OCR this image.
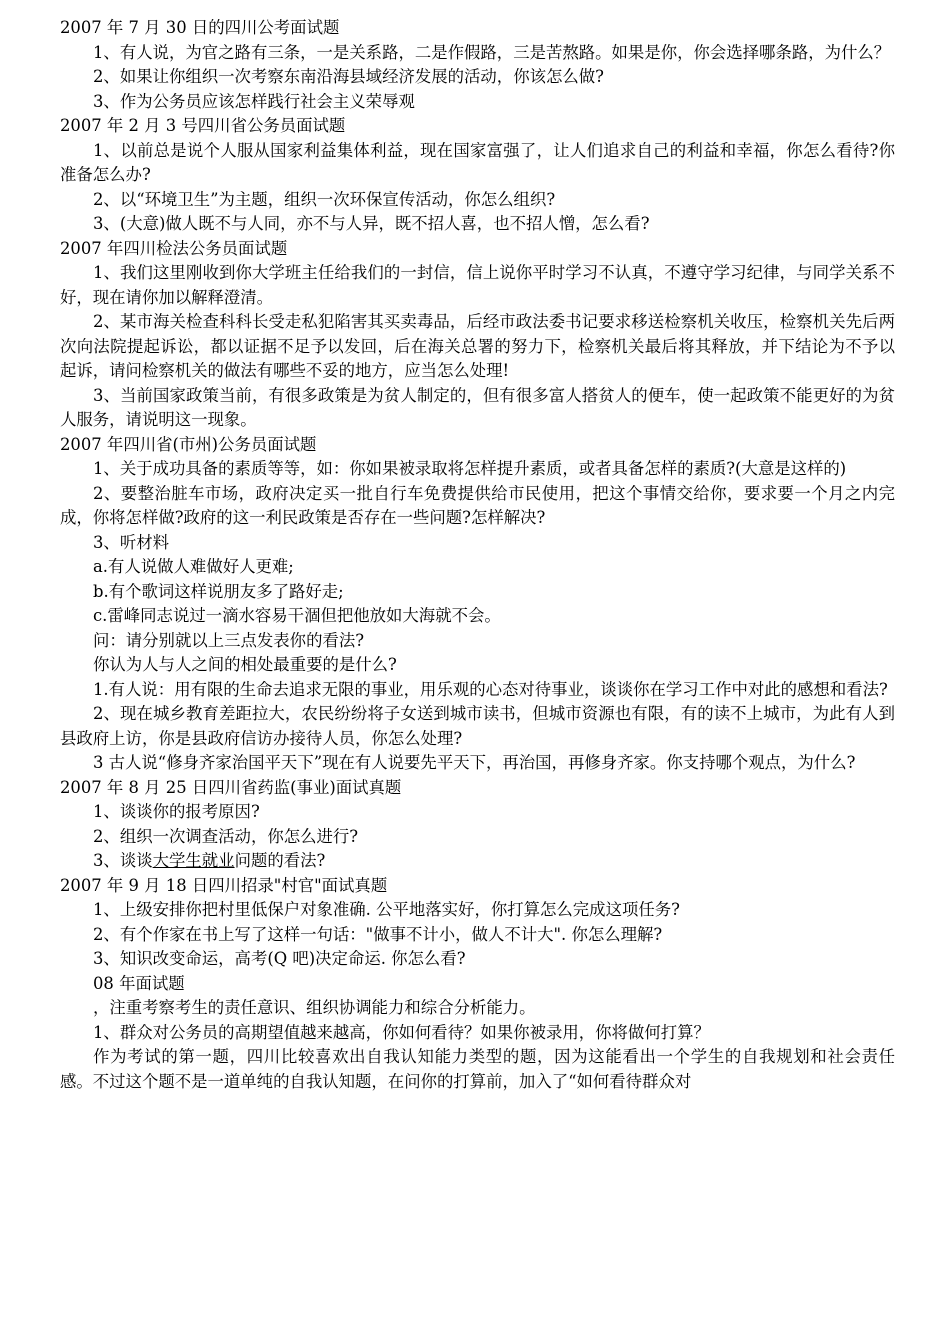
2007 年 7 月 30 日的四川公考面试题

1、有人说，为官之路有三条，一是关系路，二是作假路，三是苦熬路。如果是你，你会选择哪条路，为什么？

2、如果让你组织一次考察东南沿海县域经济发展的活动，你该怎么做?

3、作为公务员应该怎样践行社会主义荣辱观

2007 年 2 月 3 号四川省公务员面试题

1、以前总是说个人服从国家利益集体利益，现在国家富强了，让人们追求自己的利益和幸福，你怎么看待?你准备怎么办?

2、以“环境卫生”为主题，组织一次环保宣传活动，你怎么组织?

3、(大意)做人既不与人同，亦不与人异，既不招人喜，也不招人憎，怎么看?

2007 年四川检法公务员面试题

1、我们这里刚收到你大学班主任给我们的一封信，信上说你平时学习不认真，不遵守学习纪律，与同学关系不好，现在请你加以解释澄清。

2、某市海关检查科科长受走私犯陷害其买卖毒品，后经市政法委书记要求移送检察机关收压，检察机关先后两次向法院提起诉讼，都以证据不足予以发回，后在海关总署的努力下，检察机关最后将其释放，并下结论为不予以起诉，请问检察机关的做法有哪些不妥的地方，应当怎么处理!

3、当前国家政策当前，有很多政策是为贫人制定的，但有很多富人搭贫人的便车，使一起政策不能更好的为贫人服务，请说明这一现象。

2007 年四川省(市州)公务员面试题

1、关于成功具备的素质等等，如：你如果被录取将怎样提升素质，或者具备怎样的素质?(大意是这样的)

2、要整治脏车市场，政府决定买一批自行车免费提供给市民使用，把这个事情交给你，要求要一个月之内完成，你将怎样做?政府的这一利民政策是否存在一些问题?怎样解决?

3、听材料

a.有人说做人难做好人更难;

b.有个歌词这样说朋友多了路好走;

c.雷峰同志说过一滴水容易干涸但把他放如大海就不会。

问：请分别就以上三点发表你的看法?

你认为人与人之间的相处最重要的是什么?

1.有人说：用有限的生命去追求无限的事业，用乐观的心态对待事业，谈谈你在学习工作中对此的感想和看法?

2、现在城乡教育差距拉大，农民纷纷将子女送到城市读书，但城市资源也有限，有的读不上城市，为此有人到县政府上访，你是县政府信访办接待人员，你怎么处理?

3 古人说“修身齐家治国平天下”现在有人说要先平天下，再治国，再修身齐家。你支持哪个观点，为什么?

2007 年 8 月 25 日四川省药监(事业)面试真题

1、谈谈你的报考原因?

2、组织一次调查活动，你怎么进行?

3、谈谈大学生就业问题的看法?

2007 年 9 月 18 日四川招录"村官"面试真题

1、上级安排你把村里低保户对象准确. 公平地落实好，你打算怎么完成这项任务?

2、有个作家在书上写了这样一句话："做事不计小，做人不计大". 你怎么理解?

3、知识改变命运，高考(Q 吧)决定命运. 你怎么看?

08 年面试题

，注重考察考生的责任意识、组织协调能力和综合分析能力。

1、群众对公务员的高期望值越来越高，你如何看待？如果你被录用，你将做何打算？

作为考试的第一题，四川比较喜欢出自我认知能力类型的题，因为这能看出一个学生的自我规划和社会责任感。不过这个题不是一道单纯的自我认知题，在问你的打算前，加入了“如何看待群众对
